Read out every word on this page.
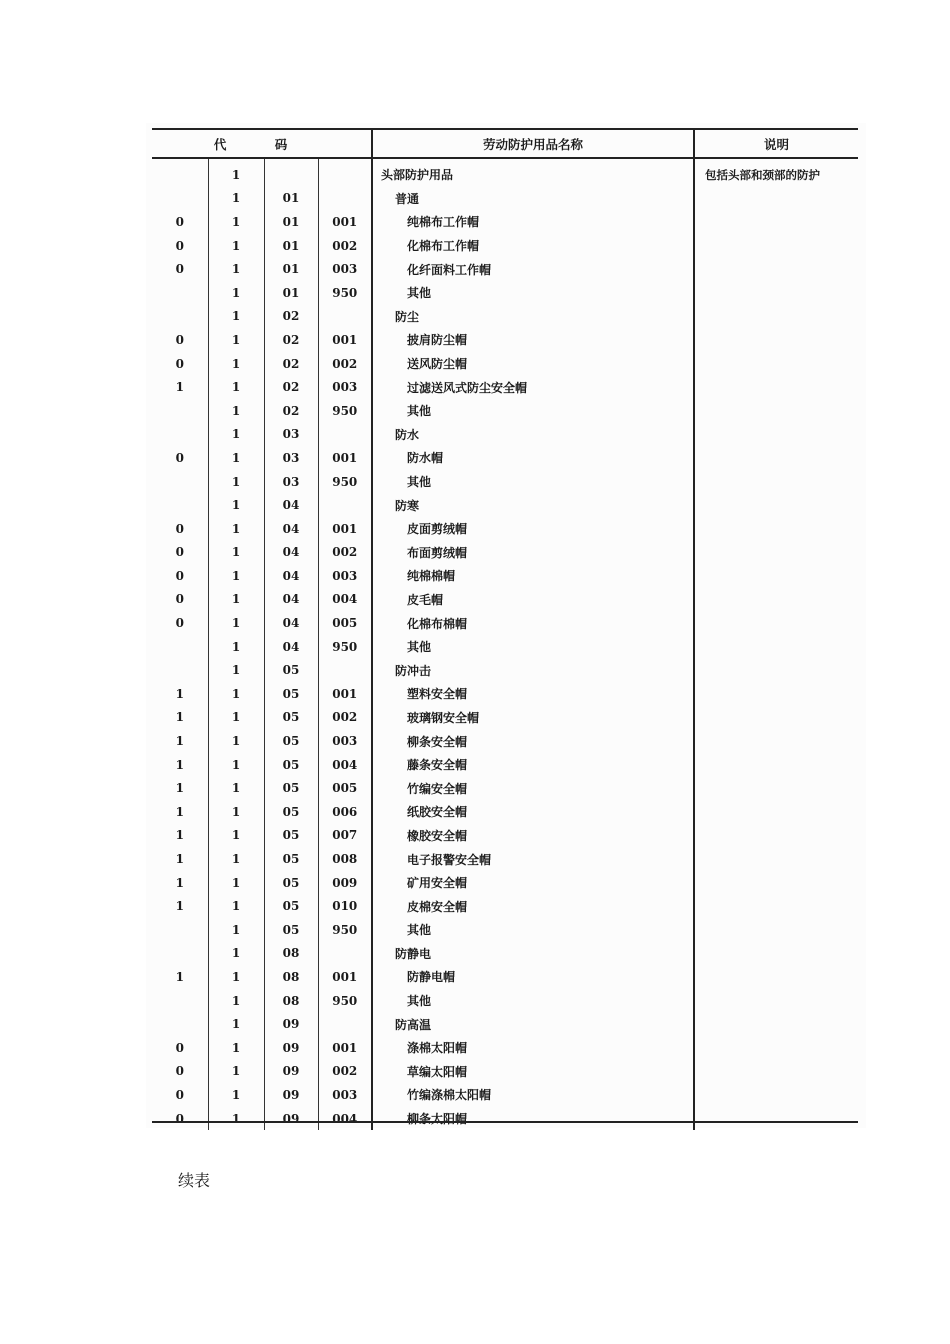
代 码				劳动防护用品名称	说明
	1			头部防护用品	包括头部和颈部的防护
	1	01		普通	
0	1	01	001	纯棉布工作帽	
0	1	01	002	化棉布工作帽	
0	1	01	003	化纤面料工作帽	
	1	01	950	其他	
	1	02		防尘	
0	1	02	001	披肩防尘帽	
0	1	02	002	送风防尘帽	
1	1	02	003	过滤送风式防尘安全帽	
	1	02	950	其他	
	1	03		防水	
0	1	03	001	防水帽	
	1	03	950	其他	
	1	04		防寒	
0	1	04	001	皮面剪绒帽	
0	1	04	002	布面剪绒帽	
0	1	04	003	纯棉棉帽	
0	1	04	004	皮毛帽	
0	1	04	005	化棉布棉帽	
	1	04	950	其他	
	1	05		防冲击	
1	1	05	001	塑料安全帽	
1	1	05	002	玻璃钢安全帽	
1	1	05	003	柳条安全帽	
1	1	05	004	藤条安全帽	
1	1	05	005	竹编安全帽	
1	1	05	006	纸胶安全帽	
1	1	05	007	橡胶安全帽	
1	1	05	008	电子报警安全帽	
1	1	05	009	矿用安全帽	
1	1	05	010	皮棉安全帽	
	1	05	950	其他	
	1	08		防静电	
1	1	08	001	防静电帽	
	1	08	950	其他	
	1	09		防高温	
0	1	09	001	涤棉太阳帽	
0	1	09	002	草编太阳帽	
0	1	09	003	竹编涤棉太阳帽	
0	1	09	004	柳条太阳帽	
续表
